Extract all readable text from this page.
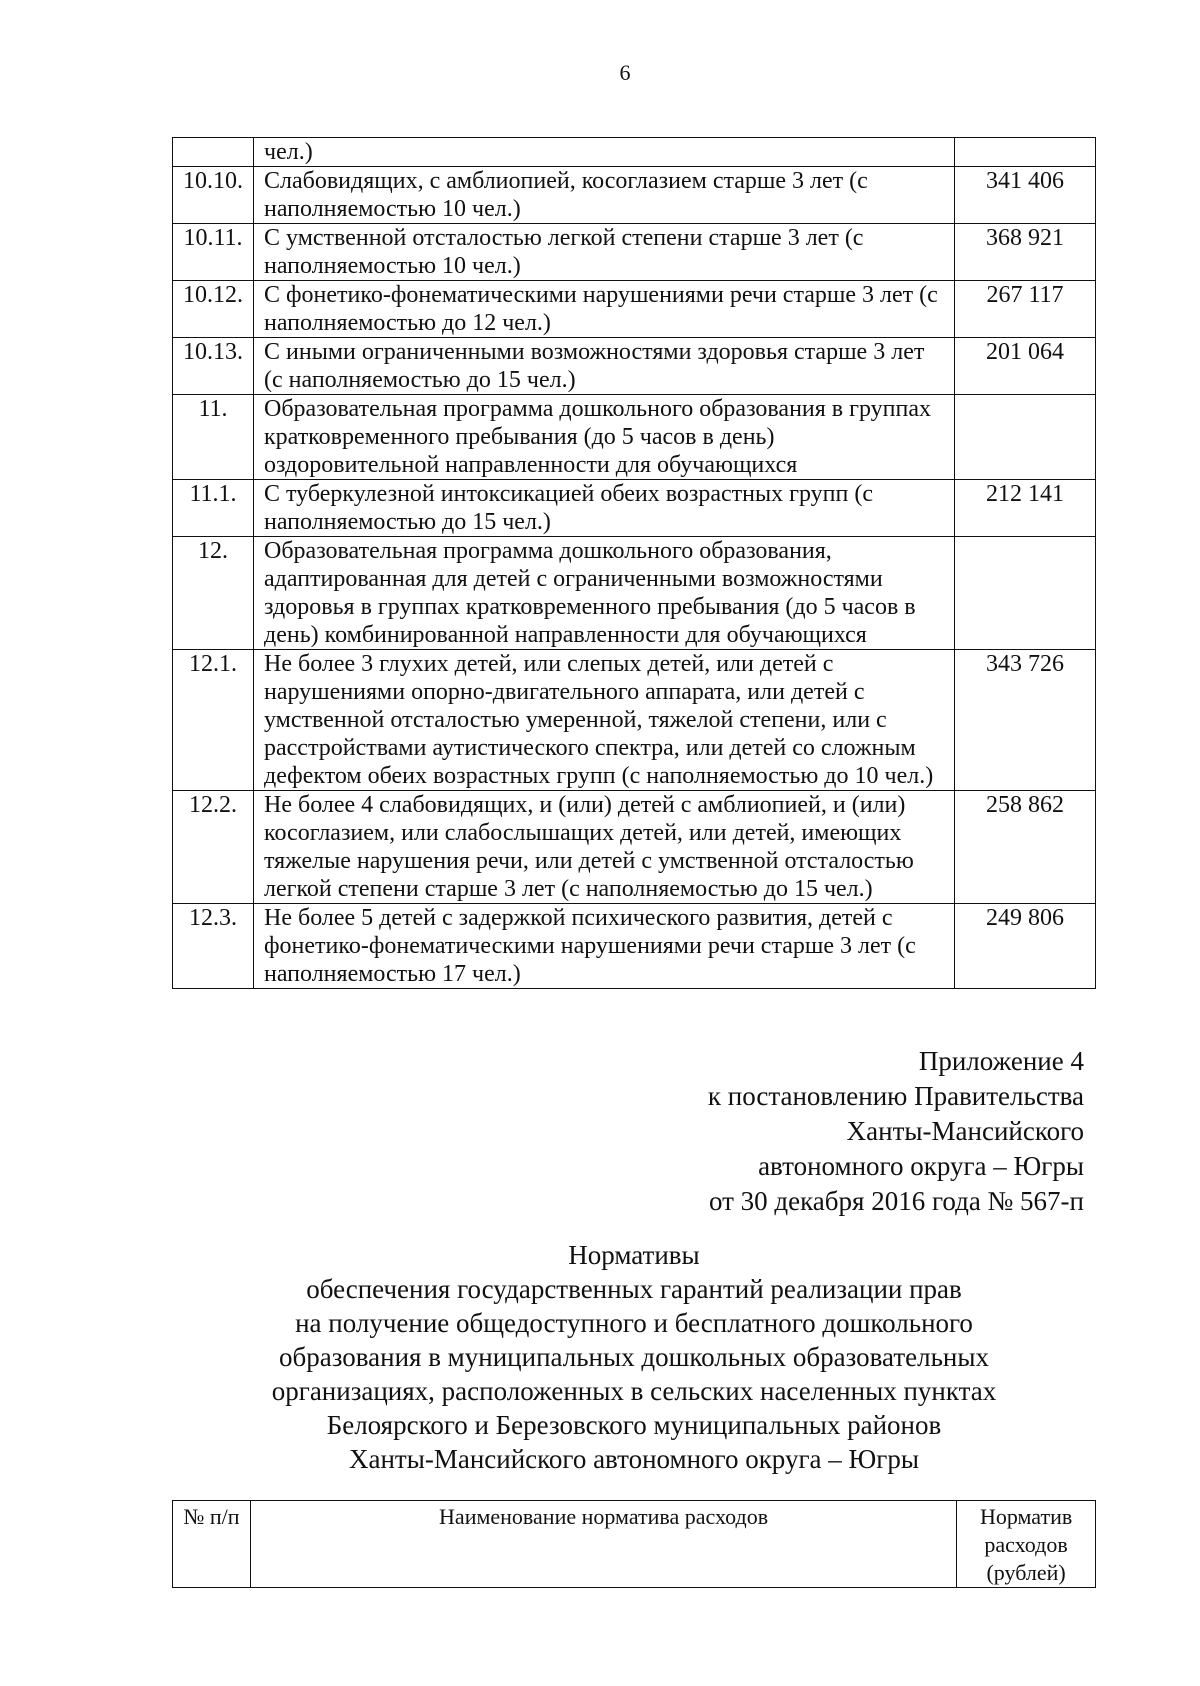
6
	чел.)	
10.10.	Слабовидящих, с амблиопией, косоглазием старше 3 лет (с наполняемостью 10 чел.)	341 406
10.11.	С умственной отсталостью легкой степени старше 3 лет (с наполняемостью 10 чел.)	368 921
10.12.	С фонетико-фонематическими нарушениями речи старше 3 лет (с наполняемостью до 12 чел.)	267 117
10.13.	С иными ограниченными возможностями здоровья старше 3 лет (с наполняемостью до 15 чел.)	201 064
11.	Образовательная программа дошкольного образования в группах кратковременного пребывания (до 5 часов в день) оздоровительной направленности для обучающихся	
11.1.	С туберкулезной интоксикацией обеих возрастных групп (с наполняемостью до 15 чел.)	212 141
12.	Образовательная программа дошкольного образования, адаптированная для детей с ограниченными возможностями здоровья в группах кратковременного пребывания (до 5 часов в день) комбинированной направленности для обучающихся	
12.1.	Не более 3 глухих детей, или слепых детей, или детей с нарушениями опорно-двигательного аппарата, или детей с умственной отсталостью умеренной, тяжелой степени, или с расстройствами аутистического спектра, или детей со сложным дефектом обеих возрастных групп (с наполняемостью до 10 чел.)	343 726
12.2.	Не более 4 слабовидящих, и (или) детей с амблиопией, и (или) косоглазием, или слабослышащих детей, или детей, имеющих тяжелые нарушения речи, или детей с умственной отсталостью легкой степени старше 3 лет (с наполняемостью до 15 чел.)	258 862
12.3.	Не более 5 детей с задержкой психического развития, детей с фонетико-фонематическими нарушениями речи старше 3 лет (с наполняемостью 17 чел.)	249 806
Приложение 4
к постановлению Правительства
Ханты-Мансийского
автономного округа – Югры
от 30 декабря 2016 года № 567-п
Нормативы
обеспечения государственных гарантий реализации прав
на получение общедоступного и бесплатного дошкольного
образования в муниципальных дошкольных образовательных
организациях, расположенных в сельских населенных пунктах
Белоярского и Березовского муниципальных районов
Ханты-Мансийского автономного округа – Югры
№ п/п	Наименование норматива расходов	Норматив расходов (рублей)
